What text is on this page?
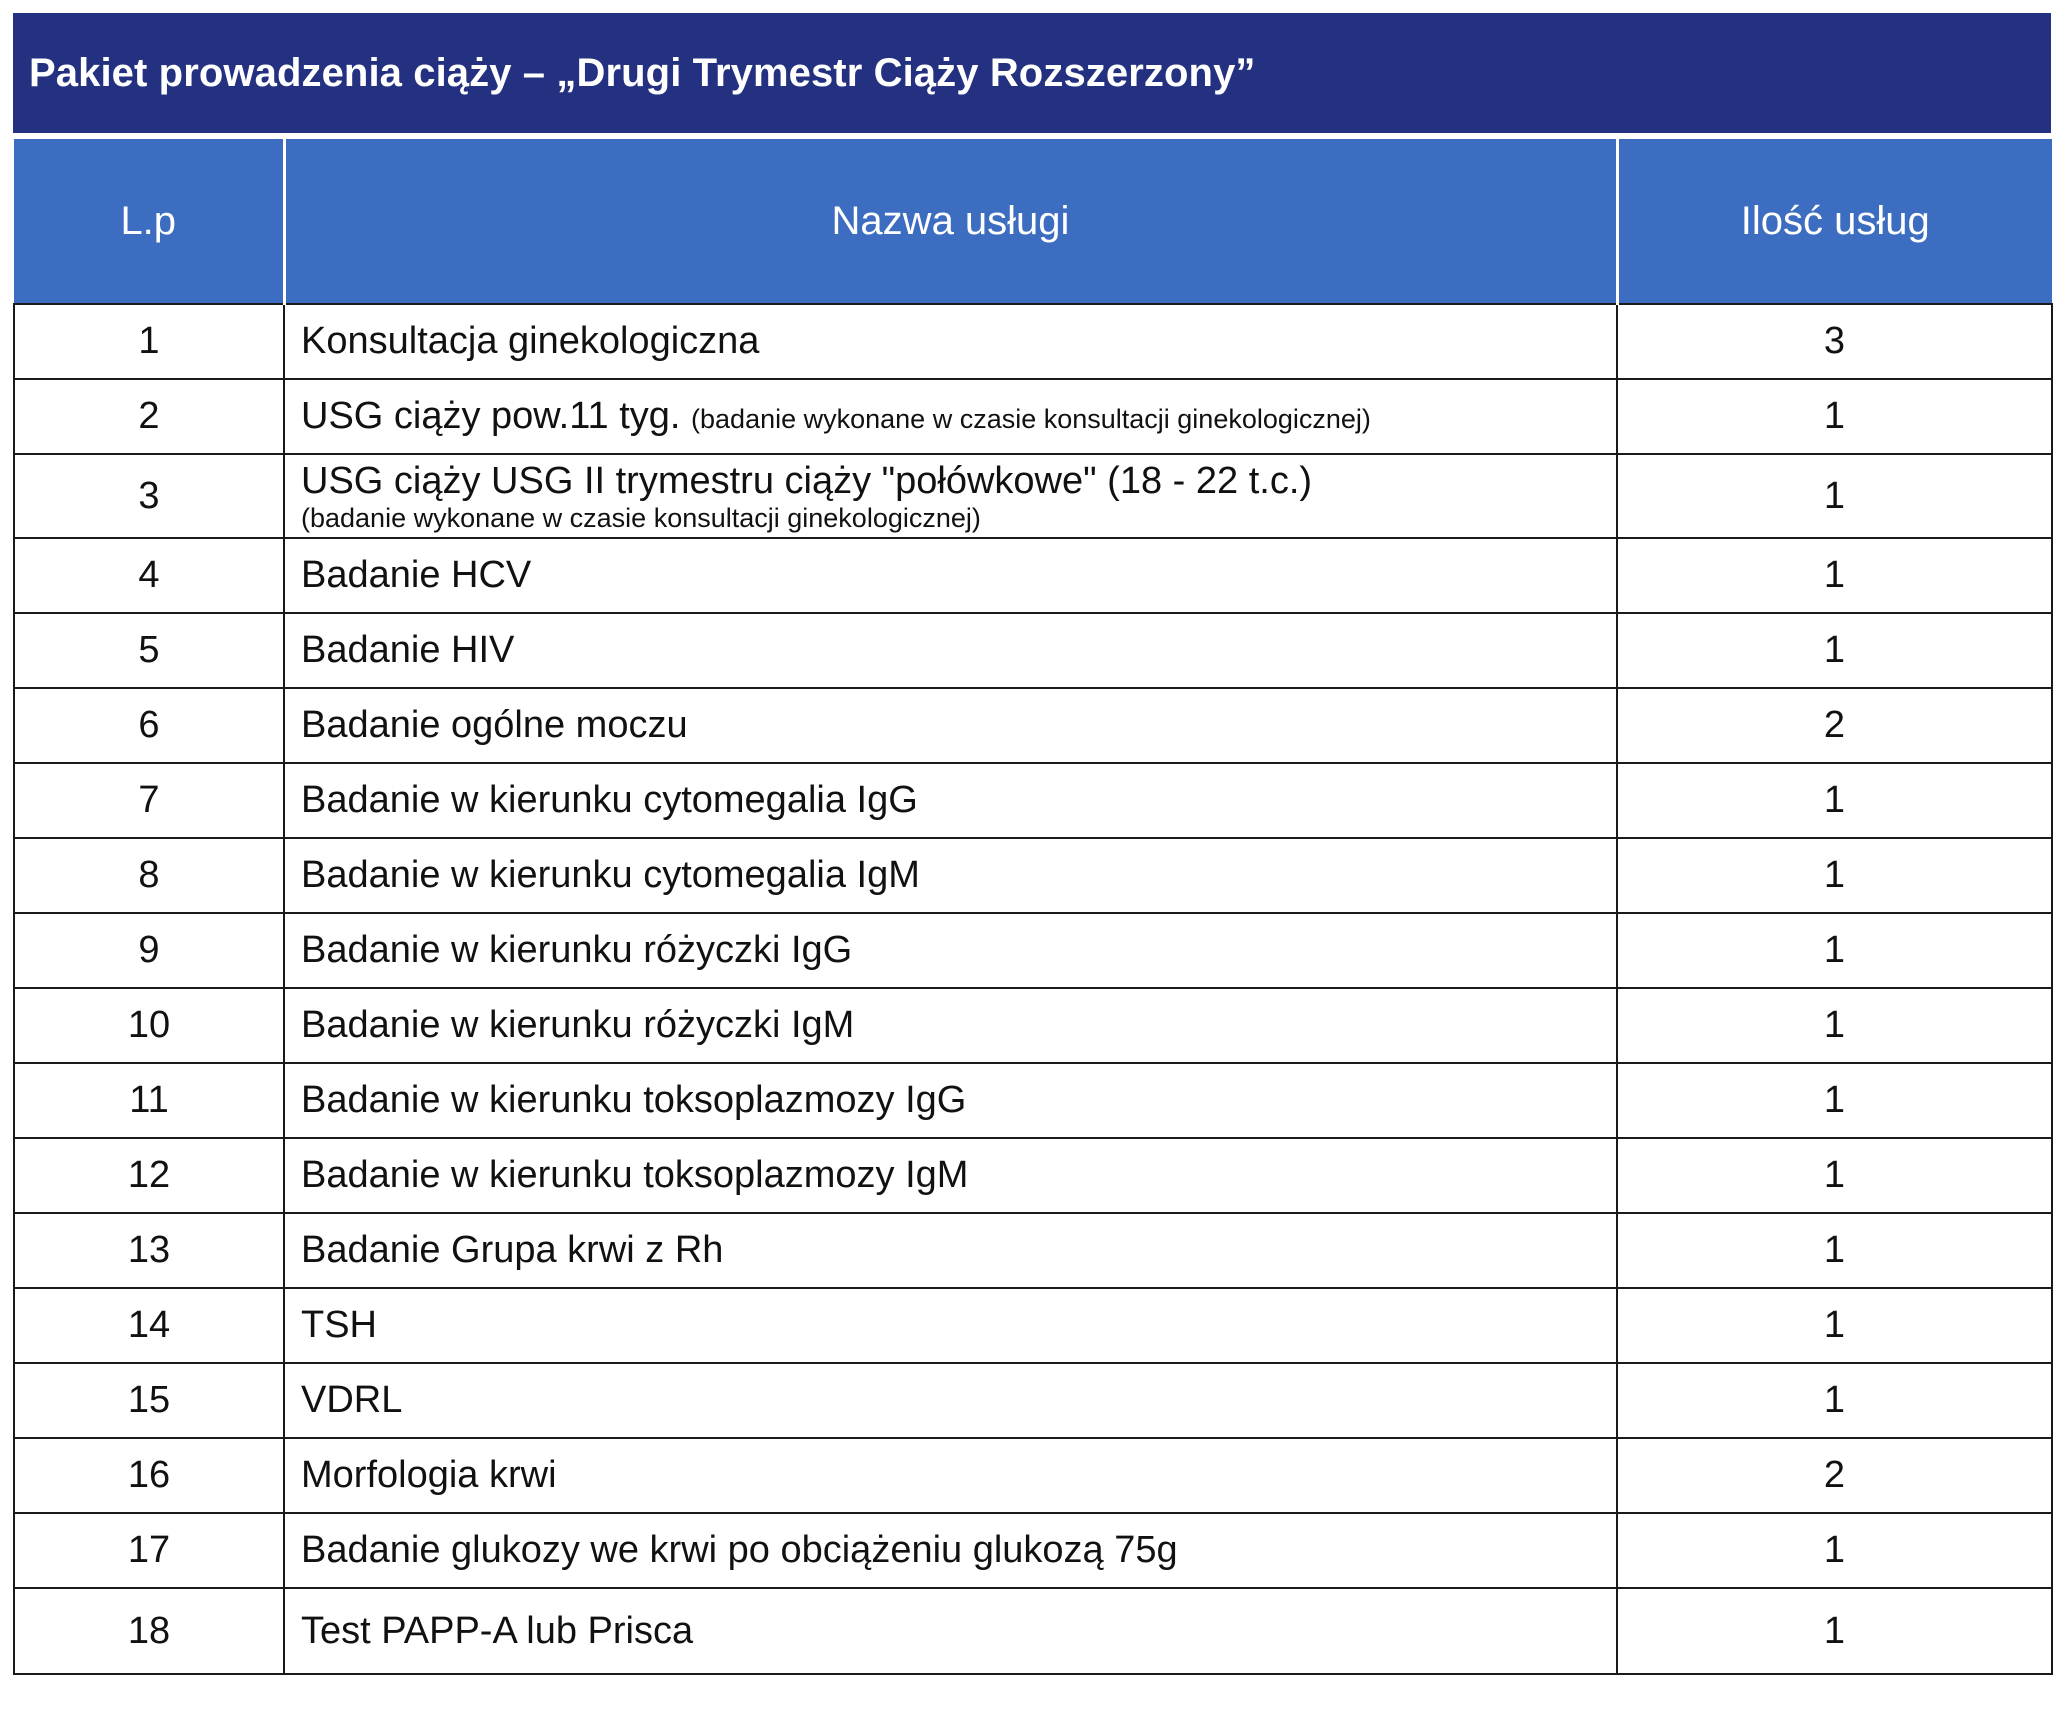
Pakiet prowadzenia ciąży – „Drugi Trymestr Ciąży Rozszerzony”
L.p	Nazwa usługi	Ilość usług
1	Konsultacja ginekologiczna	3
2	USG ciąży pow.11 tyg. (badanie wykonane w czasie konsultacji ginekologicznej)	1
3	USG ciąży USG II trymestru ciąży "połówkowe" (18 - 22 t.c.)
(badanie wykonane w czasie konsultacji ginekologicznej)	1
4	Badanie HCV	1
5	Badanie HIV	1
6	Badanie ogólne moczu	2
7	Badanie w kierunku cytomegalia IgG	1
8	Badanie w kierunku cytomegalia IgM	1
9	Badanie w kierunku różyczki IgG	1
10	Badanie w kierunku różyczki IgM	1
11	Badanie w kierunku toksoplazmozy IgG	1
12	Badanie w kierunku toksoplazmozy IgM	1
13	Badanie Grupa krwi z Rh	1
14	TSH	1
15	VDRL	1
16	Morfologia krwi	2
17	Badanie glukozy we krwi po obciążeniu glukozą 75g	1
18	Test PAPP-A lub Prisca	1
